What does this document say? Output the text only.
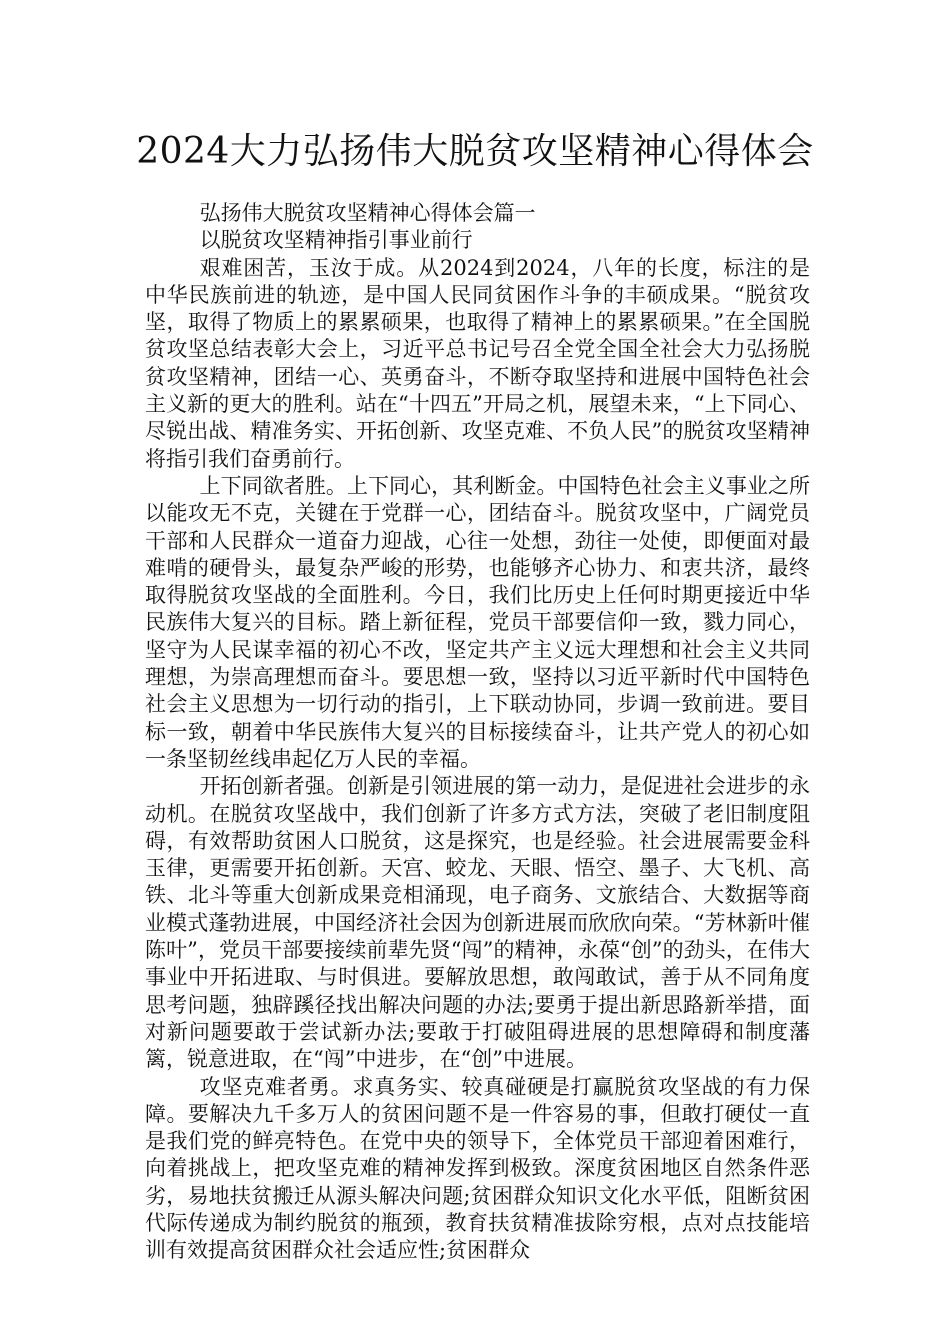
2024大力弘扬伟大脱贫攻坚精神心得体会

弘扬伟大脱贫攻坚精神心得体会篇一

以脱贫攻坚精神指引事业前行

艰难困苦，玉汝于成。从2024到2024，八年的长度，标注的是中华民族前进的轨迹，是中国人民同贫困作斗争的丰硕成果。“脱贫攻坚，取得了物质上的累累硕果，也取得了精神上的累累硕果。”在全国脱贫攻坚总结表彰大会上，习近平总书记号召全党全国全社会大力弘扬脱贫攻坚精神，团结一心、英勇奋斗，不断夺取坚持和进展中国特色社会主义新的更大的胜利。站在“十四五”开局之机，展望未来，“上下同心、尽锐出战、精准务实、开拓创新、攻坚克难、不负人民”的脱贫攻坚精神将指引我们奋勇前行。

上下同欲者胜。上下同心，其利断金。中国特色社会主义事业之所以能攻无不克，关键在于党群一心，团结奋斗。脱贫攻坚中，广阔党员干部和人民群众一道奋力迎战，心往一处想，劲往一处使，即便面对最难啃的硬骨头，最复杂严峻的形势，也能够齐心协力、和衷共济，最终取得脱贫攻坚战的全面胜利。今日，我们比历史上任何时期更接近中华民族伟大复兴的目标。踏上新征程，党员干部要信仰一致，戮力同心，坚守为人民谋幸福的初心不改，坚定共产主义远大理想和社会主义共同理想，为崇高理想而奋斗。要思想一致，坚持以习近平新时代中国特色社会主义思想为一切行动的指引，上下联动协同，步调一致前进。要目标一致，朝着中华民族伟大复兴的目标接续奋斗，让共产党人的初心如一条坚韧丝线串起亿万人民的幸福。

开拓创新者强。创新是引领进展的第一动力，是促进社会进步的永动机。在脱贫攻坚战中，我们创新了许多方式方法，突破了老旧制度阻碍，有效帮助贫困人口脱贫，这是探究，也是经验。社会进展需要金科玉律，更需要开拓创新。天宫、蛟龙、天眼、悟空、墨子、大飞机、高铁、北斗等重大创新成果竞相涌现，电子商务、文旅结合、大数据等商业模式蓬勃进展，中国经济社会因为创新进展而欣欣向荣。“芳林新叶催陈叶”，党员干部要接续前辈先贤“闯”的精神，永葆“创”的劲头，在伟大事业中开拓进取、与时俱进。要解放思想，敢闯敢试，善于从不同角度思考问题，独辟蹊径找出解决问题的办法;要勇于提出新思路新举措，面对新问题要敢于尝试新办法;要敢于打破阻碍进展的思想障碍和制度藩篱，锐意进取，在“闯”中进步，在“创”中进展。

攻坚克难者勇。求真务实、较真碰硬是打赢脱贫攻坚战的有力保障。要解决九千多万人的贫困问题不是一件容易的事，但敢打硬仗一直是我们党的鲜亮特色。在党中央的领导下，全体党员干部迎着困难行，向着挑战上，把攻坚克难的精神发挥到极致。深度贫困地区自然条件恶劣，易地扶贫搬迁从源头解决问题;贫困群众知识文化水平低，阻断贫困代际传递成为制约脱贫的瓶颈，教育扶贫精准拔除穷根，点对点技能培训有效提高贫困群众社会适应性;贫困群众
